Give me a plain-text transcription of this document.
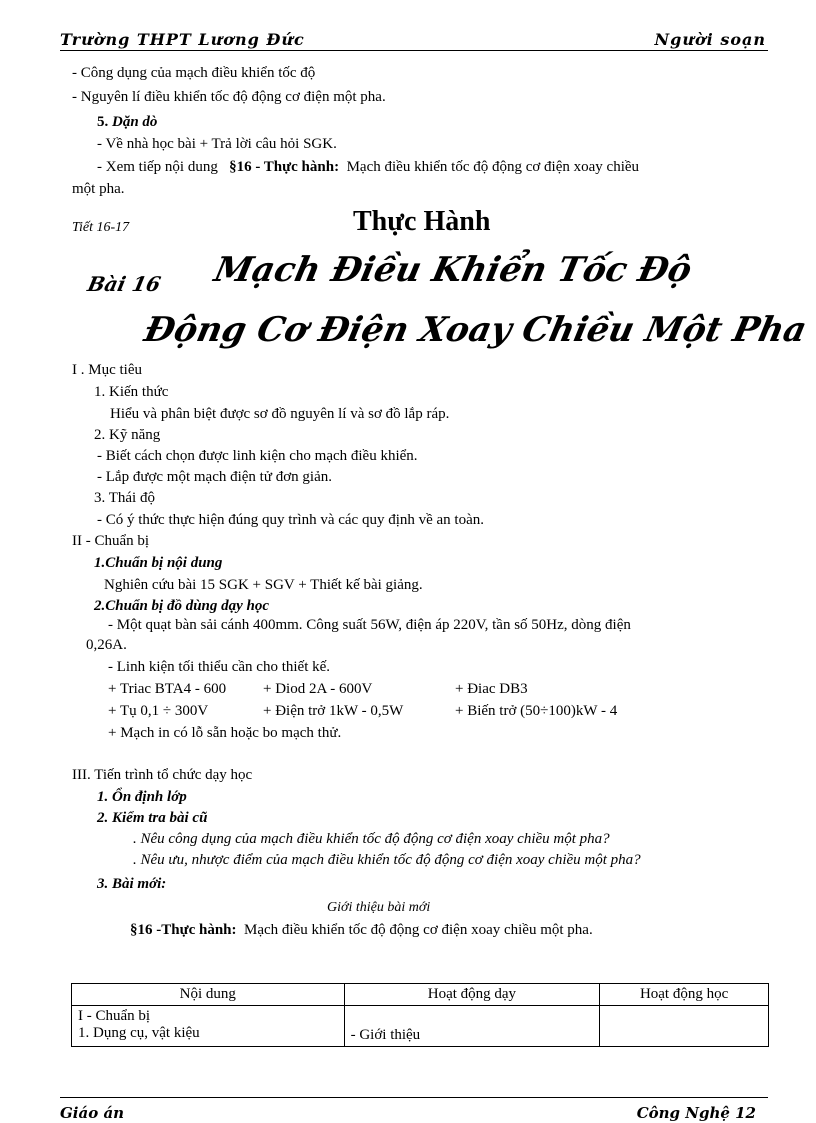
Trường THPT Lương Đức	Người soạn
- Công dụng của mạch điều khiển tốc độ
- Nguyên lí điều khiển tốc độ động cơ điện một pha.
5. Dặn dò
- Về nhà học bài + Trả lời câu hỏi SGK.
- Xem tiếp nội dung §16 - Thực hành: Mạch điều khiển tốc độ động cơ điện xoay chiều
một pha.
Tiết 16-17	Thực Hành
Bài 16 Mạch Điều Khiển Tốc Độ
Động Cơ Điện Xoay Chiều Một Pha
I . Mục tiêu
1. Kiến thức
Hiểu và phân biệt được sơ đồ nguyên lí và sơ đồ lắp ráp.
2. Kỹ năng
- Biết cách chọn được linh kiện cho mạch điều khiển.
- Lắp được một mạch điện tử đơn giản.
3. Thái độ
- Có ý thức thực hiện đúng quy trình và các quy định về an toàn.
II - Chuẩn bị
1.Chuẩn bị nội dung
Nghiên cứu bài 15 SGK + SGV + Thiết kế bài giảng.
2.Chuẩn bị đồ dùng dạy học
- Một quạt bàn sải cánh 400mm. Công suất 56W, điện áp 220V, tần số 50Hz, dòng điện
0,26A.
- Linh kiện tối thiểu cần cho thiết kế.
+ Triac BTA4 - 600 + Diod 2A - 600V	+ Điac DB3
+ Tụ 0,1 ÷ 300V	+ Điện trở 1kW - 0,5W	+ Biến trở (50÷100)kW - 4
+ Mạch in có lỗ sẵn hoặc bo mạch thử.
III. Tiến trình tổ chức dạy học
1. Ổn định lớp
2. Kiểm tra bài cũ
. Nêu công dụng của mạch điều khiển tốc độ động cơ điện xoay chiều một pha?
. Nêu ưu, nhược điểm của mạch điều khiển tốc độ động cơ điện xoay chiều một pha?
3. Bài mới:
Giới thiệu bài mới
§16 -Thực hành: Mạch điều khiển tốc độ động cơ điện xoay chiều một pha.
Nội dung	Hoạt động dạy	Hoạt động học

I - Chuẩn bị
1. Dụng cụ, vật kiệu	- Giới thiệu	

Giáo án	Công Nghệ 12
